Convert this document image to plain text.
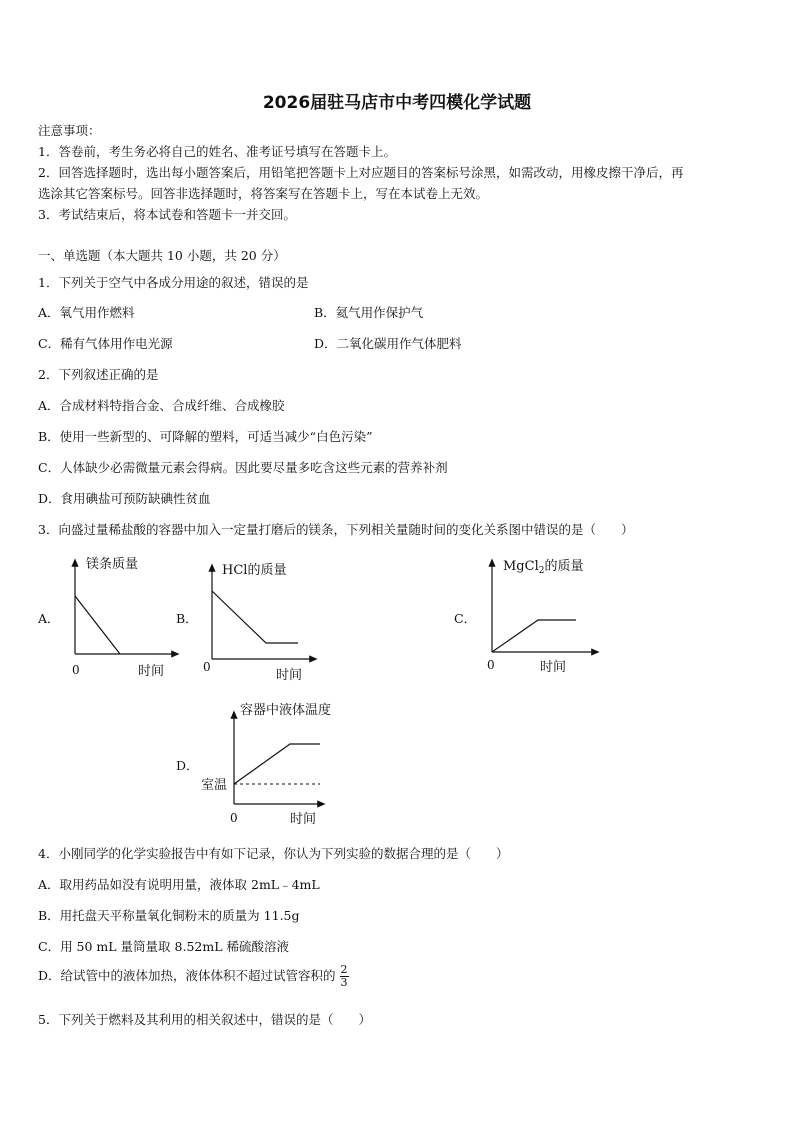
2026届驻马店市中考四模化学试题
注意事项：
1．答卷前，考生务必将自己的姓名、准考证号填写在答题卡上。
2．回答选择题时，选出每小题答案后，用铅笔把答题卡上对应题目的答案标号涂黑，如需改动，用橡皮擦干净后，再
选涂其它答案标号。回答非选择题时，将答案写在答题卡上，写在本试卷上无效。
3．考试结束后，将本试卷和答题卡一并交回。
一、单选题（本大题共 10 小题，共 20 分）
1．下列关于空气中各成分用途的叙述，错误的是
A．氧气用作燃料	B．氦气用作保护气
C．稀有气体用作电光源	D．二氧化碳用作气体肥料
2．下列叙述正确的是
A．合成材料特指合金、合成纤维、合成橡胶
B．使用一些新型的、可降解的塑料，可适当减少“白色污染”
C．人体缺少必需微量元素会得病。因此要尽量多吃含这些元素的营养补剂
D．食用碘盐可预防缺碘性贫血
3．向盛过量稀盐酸的容器中加入一定量打磨后的镁条，下列相关量随时间的变化关系图中错误的是（　　）
A．
镁条质量
0	时间
B．
HCl的质量
0
时间
C．
MgCl$_2$的质量
0	时间
D．
容器中液体温度
室温
0	时间
4．小刚同学的化学实验报告中有如下记录，你认为下列实验的数据合理的是（　　）
A．取用药品如没有说明用量，液体取 2mL﹣4mL
B．用托盘天平称量氧化铜粉末的质量为 11.5g
C．用 50 mL 量筒量取 8.52mL 稀硫酸溶液
D．给试管中的液体加热，液体体积不超过试管容积的 $\frac{2}{3}$
5．下列关于燃料及其利用的相关叙述中，错误的是（　　）
